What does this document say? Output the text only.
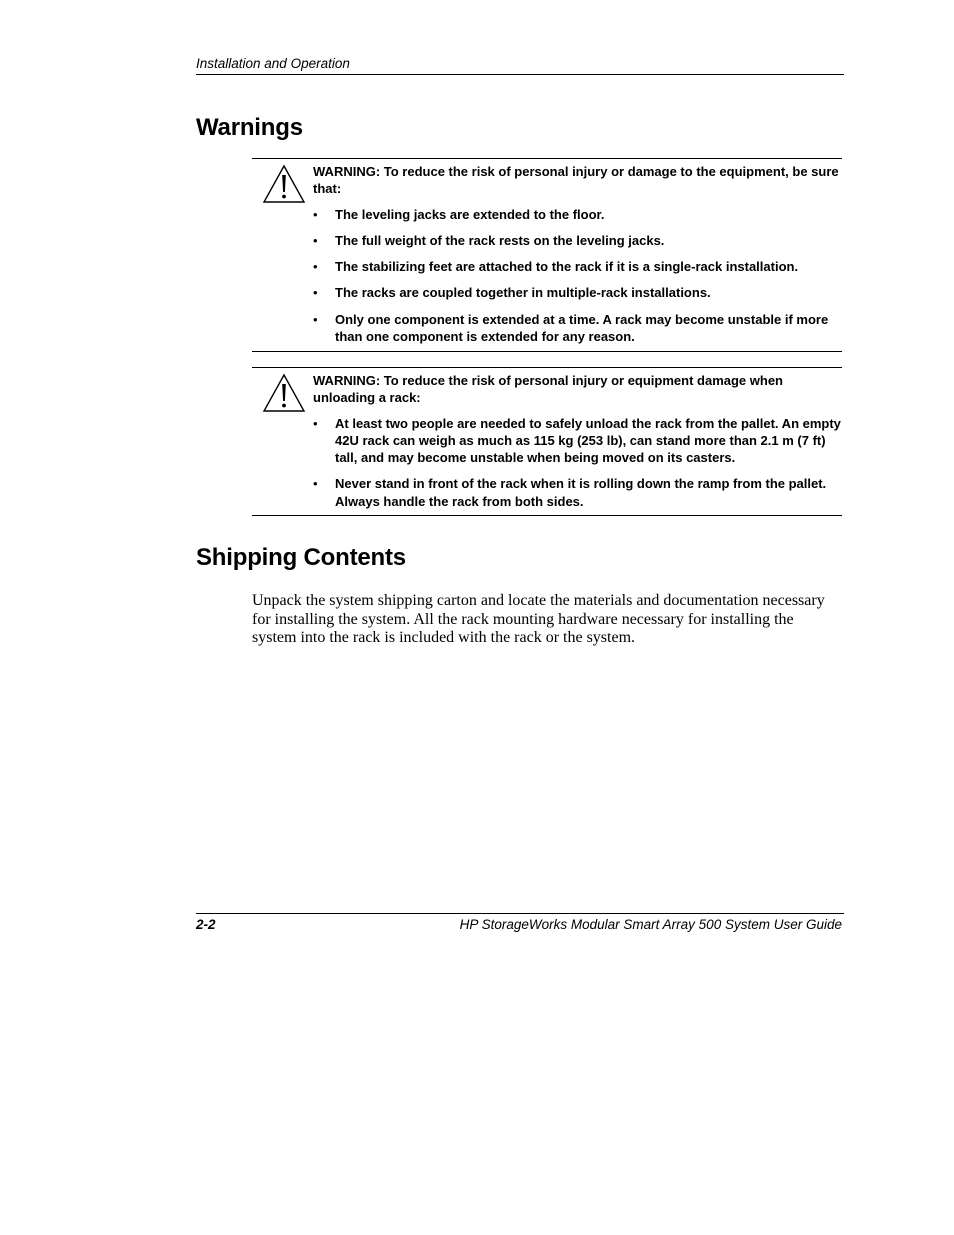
Installation and Operation
Warnings

WARNING: To reduce the risk of personal injury or damage to the equipment, be sure that:

•	The leveling jacks are extended to the floor.
•	The full weight of the rack rests on the leveling jacks.
•	The stabilizing feet are attached to the rack if it is a single-rack installation.
•	The racks are coupled together in multiple-rack installations.
•	Only one component is extended at a time. A rack may become unstable if more than one component is extended for any reason.

WARNING: To reduce the risk of personal injury or equipment damage when unloading a rack:

•	At least two people are needed to safely unload the rack from the pallet. An empty 42U rack can weigh as much as 115 kg (253 lb), can stand more than 2.1 m (7 ft) tall, and may become unstable when being moved on its casters.
•	Never stand in front of the rack when it is rolling down the ramp from the pallet. Always handle the rack from both sides.
Shipping Contents

Unpack the system shipping carton and locate the materials and documentation necessary for installing the system. All the rack mounting hardware necessary for installing the system into the rack is included with the rack or the system.

2-2	HP StorageWorks Modular Smart Array 500 System User Guide
